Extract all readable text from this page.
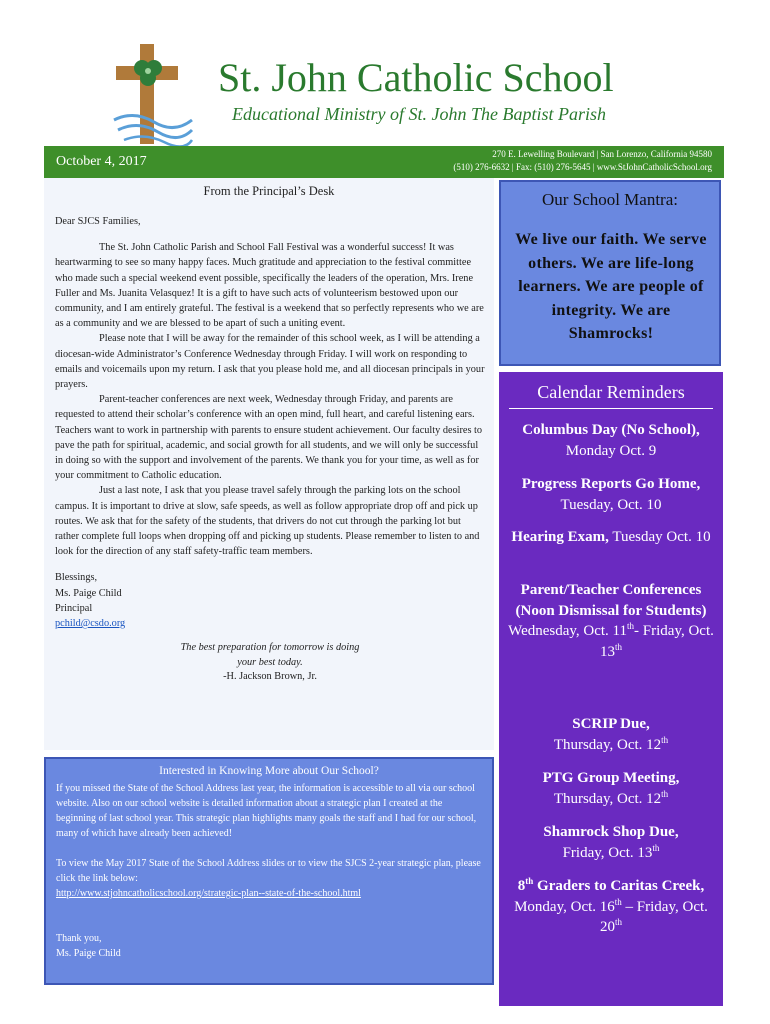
St. John Catholic School
Educational Ministry of St. John The Baptist Parish
October 4, 2017	270 E. Lewelling Boulevard | San Lorenzo, California 94580
(510) 276-6632 | Fax: (510) 276-5645 | www.StJohnCatholicSchool.org
From the Principal’s Desk

Dear SJCS Families,

The St. John Catholic Parish and School Fall Festival was a wonderful success! It was heartwarming to see so many happy faces. Much gratitude and appreciation to the festival committee who made such a special weekend event possible, specifically the leaders of the operation, Mrs. Irene Fuller and Ms. Juanita Velasquez! It is a gift to have such acts of volunteerism bestowed upon our community, and I am entirely grateful. The festival is a weekend that so perfectly represents who we are as a community and we are blessed to be apart of such a uniting event.

Please note that I will be away for the remainder of this school week, as I will be attending a diocesan-wide Administrator’s Conference Wednesday through Friday. I will work on responding to emails and voicemails upon my return. I ask that you please hold me, and all diocesan principals in your prayers.

Parent-teacher conferences are next week, Wednesday through Friday, and parents are requested to attend their scholar’s conference with an open mind, full heart, and careful listening ears. Teachers want to work in partnership with parents to ensure student achievement. Our faculty desires to pave the path for spiritual, academic, and social growth for all students, and we will only be successful in doing so with the support and involvement of the parents. We thank you for your time, as well as for your commitment to Catholic education.

Just a last note, I ask that you please travel safely through the parking lots on the school campus. It is important to drive at slow, safe speeds, as well as follow appropriate drop off and pick up routes. We ask that for the safety of the students, that drivers do not cut through the parking lot but rather complete full loops when dropping off and picking up students. Please remember to listen to and look for the direction of any staff safety-traffic team members.

Blessings,

Ms. Paige Child

Principal

pchild@csdo.org

The best preparation for tomorrow is doing
your best today.
-H. Jackson Brown, Jr.
Our School Mantra:
We live our faith. We serve others. We are life-long learners. We are people of integrity. We are Shamrocks!
Calendar Reminders
Columbus Day (No School), Monday Oct. 9
Progress Reports Go Home, Tuesday, Oct. 10
Hearing Exam, Tuesday Oct. 10
Parent/Teacher Conferences (Noon Dismissal for Students)
Wednesday, Oct. 11th- Friday, Oct. 13th
SCRIP Due,
Thursday, Oct. 12th
PTG Group Meeting,
Thursday, Oct. 12th
Shamrock Shop Due,
Friday, Oct. 13th
8th Graders to Caritas Creek, Monday, Oct. 16th – Friday, Oct. 20th
Interested in Knowing More about Our School?

If you missed the State of the School Address last year, the information is accessible to all via our school website. Also on our school website is detailed information about a strategic plan I created at the beginning of last school year. This strategic plan highlights many goals the staff and I had for our school, many of which have already been achieved!

To view the May 2017 State of the School Address slides or to view the SJCS 2-year strategic plan, please click the link below:

http://www.stjohncatholicschool.org/strategic-plan--state-of-the-school.html

Thank you,

Ms. Paige Child
